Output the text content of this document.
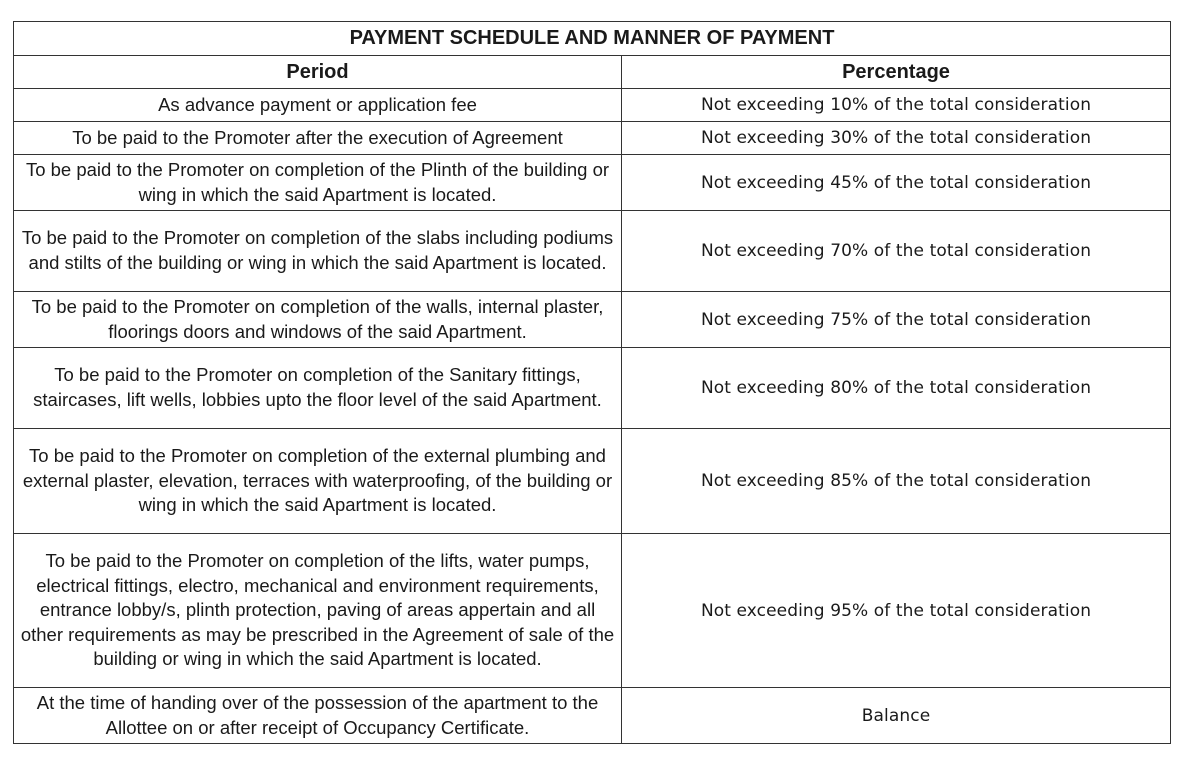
PAYMENT SCHEDULE AND MANNER OF PAYMENT	
Period	Percentage
As advance payment or application fee	Not exceeding 10% of the total consideration
To be paid to the Promoter after the execution of Agreement	Not exceeding 30% of the total consideration
To be paid to the Promoter on completion of the Plinth of the building or wing in which the said Apartment is located.	Not exceeding 45% of the total consideration
To be paid to the Promoter on completion of the slabs including podiums and stilts of the building or wing in which the said Apartment is located.	Not exceeding 70% of the total consideration
To be paid to the Promoter on completion of the walls, internal plaster, floorings doors and windows of the said Apartment.	Not exceeding 75% of the total consideration
To be paid to the Promoter on completion of the Sanitary fittings, staircases, lift wells, lobbies upto the floor level of the said Apartment.	Not exceeding 80% of the total consideration
To be paid to the Promoter on completion of the external plumbing and external plaster, elevation, terraces with waterproofing, of the building or wing in which the said Apartment is located.	Not exceeding 85% of the total consideration
To be paid to the Promoter on completion of the lifts, water pumps, electrical fittings, electro, mechanical and environment requirements, entrance lobby/s, plinth protection, paving of areas appertain and all other requirements as may be prescribed in the Agreement of sale of the building or wing in which the said Apartment is located.	Not exceeding 95% of the total consideration
At the time of handing over of the possession of the apartment to the Allottee on or after receipt of Occupancy Certificate.	Balance
